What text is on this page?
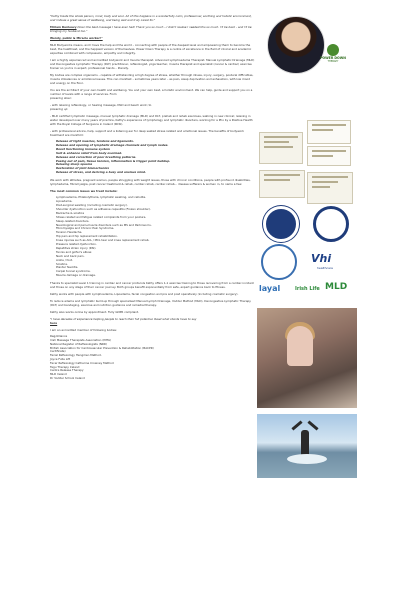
"Kathy treats the whole person, mind, body and soul. All of this happens in a wonderfully calm, professional, soothing and holistic environment, and imbues a great sense of wellbeing, and being well and truly cared for."

Miriam Dunleavy Down the best massage I have ever had! Thank you so much – I didn't realise I needed this so much. I'll be back - and I'll be bringing my husband too."

Wendy, public & Miracle worker!"

MLD Bodyworks means, and I have the help and the world – connecting with people of the deepest level and empowering them to become the best, the healthiest, and the happiest version of themselves. Power Down Therapy is a centre of excellence in the field of clinical and academic expertise combined with compassion, empathy and integrity.

I am a highly experienced and accredited bodywork and muscle therapist. Advanced Lymphoedema Therapist. Manual Lymphatic Drainage (MLD) and Decongestive Lymphatic Therapy (DLT) practitioner, reflexologist, yoga teacher, muscle therapist and specialist (cancer & cardiac) exercise trainer so you're in expert, professional hands – literally.

My bodies are complex organisms - capable of withstanding a high degree of stress, whether through illness, injury, surgery, postural difficulties, muscle imbalances or emotional issues. This can manifest – sometimes years later – as pain, sleep deprivation and exhaustion, with low mood and energy on the floor.

You are the architect of your own health and wellbeing. You and your own best, a holistic environment. We can help, guide and support you on a number of levels with a range of services. From

powering down

- with relaxing reflexology, or healing massage, MLD and beach work; to

powering up

- MLD certified lymphatic massage, manual lymphatic drainage (MLD) and DLT, prehab and rehab exercises, walking in new clinical; relaxing in water developed over many years of practice, Kathy's experience of lymphology and lymphatic disorders, working for a Pho by a Positive Health with the Royal College of Surgeons in Ireland (RCSI).

- with professional advice, help, support and a listening ear for deep seated stress related and emotional issues. The benefits of bodywork treatment are manifold:

Release of tight muscles, tendons and ligaments.
Release and opening of lymphatic drainage channels and lymph nodes.
Boost functioning immune system
Suit & enhance relief from body overload.
Release and correction of poor breathing patterns.
Easing out of pain, tissue tension, inflammation & trigger point buildup.
Relaxing sharp spasms
Restoration of joint biomechanics
Release of stress, and deriving a busy and anxious mind.

We work with athletes, pregnant women, people struggling with weight issues, those with chronic conditions, people with profound disabilities, lymphedema, fibromyalgia, post cancer treatment & rehab, cardiac rehab, cardiac rehab... disease sufferers & women in, to name a few.

The most common issues we treat include:

Lymphoedema, Phlebolytharia, lymphatic swelling, and cellulite.
Lipoedema.
Post-surgical swelling (including cosmetic surgery).
Shoulder dysfunction such as adhesive capsulitis (Frozen shoulder).
Backache & sciatica
Stress related and fatigue related complaints from your posture.
Sleep-related disorders.
Neurological and pain-muscle disorders such as MS and Parkinson's.
Fibromyalgia and Chronic Pain Syndrome.
Tension Headache.
Hip pain and hip replacement rehabilitation.
Knee injuries such as ACL / MCL tear and knee replacement rehab.
Pressure related dysfunction.
Repetitive strain injury (RSI).
Tennis and golfer's elbow.
Neck and back pain.
Ankle / foot.
Sciatica.
Plantar fasciitis.
Carpal tunnel syndrome.
Muscle damage or drainage.

Thanks to specialist Level 1 training in cardiac and cancer protocols Kathy offers 1-1 exercise training to those recovering from a cardiac incident and those on any stage of their cancer journey. Both groups benefit exponentially from safe, expert guidance back to fitness.

Kathy works with people with Lymphoedema, Lipoedema, facial congestion and pre and post operatively (including cosmetic surgery).

To reduce edema and lymphatic build-up through specialised Manual Lymph Drainage, Vodder Method (MLD), Decongestive Lymphatic Therapy (DLT) and bandaging, exercise and nutrition guidance and remedial therapy.

Kathy also works online by appointment. Fully GDPR compliant.

"I have decades of experience helping people to reach their full potential. Read what clients have to say

here

I am an accredited member of following bodies:

Reg/Alliance
Irish Massage Therapists Association (IMTA)
National Register of Reflexologists (NRR)
British Association for Cardiovascular Prevention & Rehabilitation (BACPR)
Certificate)
Facial Reflexology Hengmen Method.
Joyce Fulle Lift
Fecer Reflexology Catherine Crowney Method
Tagu Therapy Ireland
Centre Release Therapy
MLD Ireland
Dr Vodder School Ireland
POWER DOWN
THERAPY
Vhi
healthcare
layal	Irish Life MLD
